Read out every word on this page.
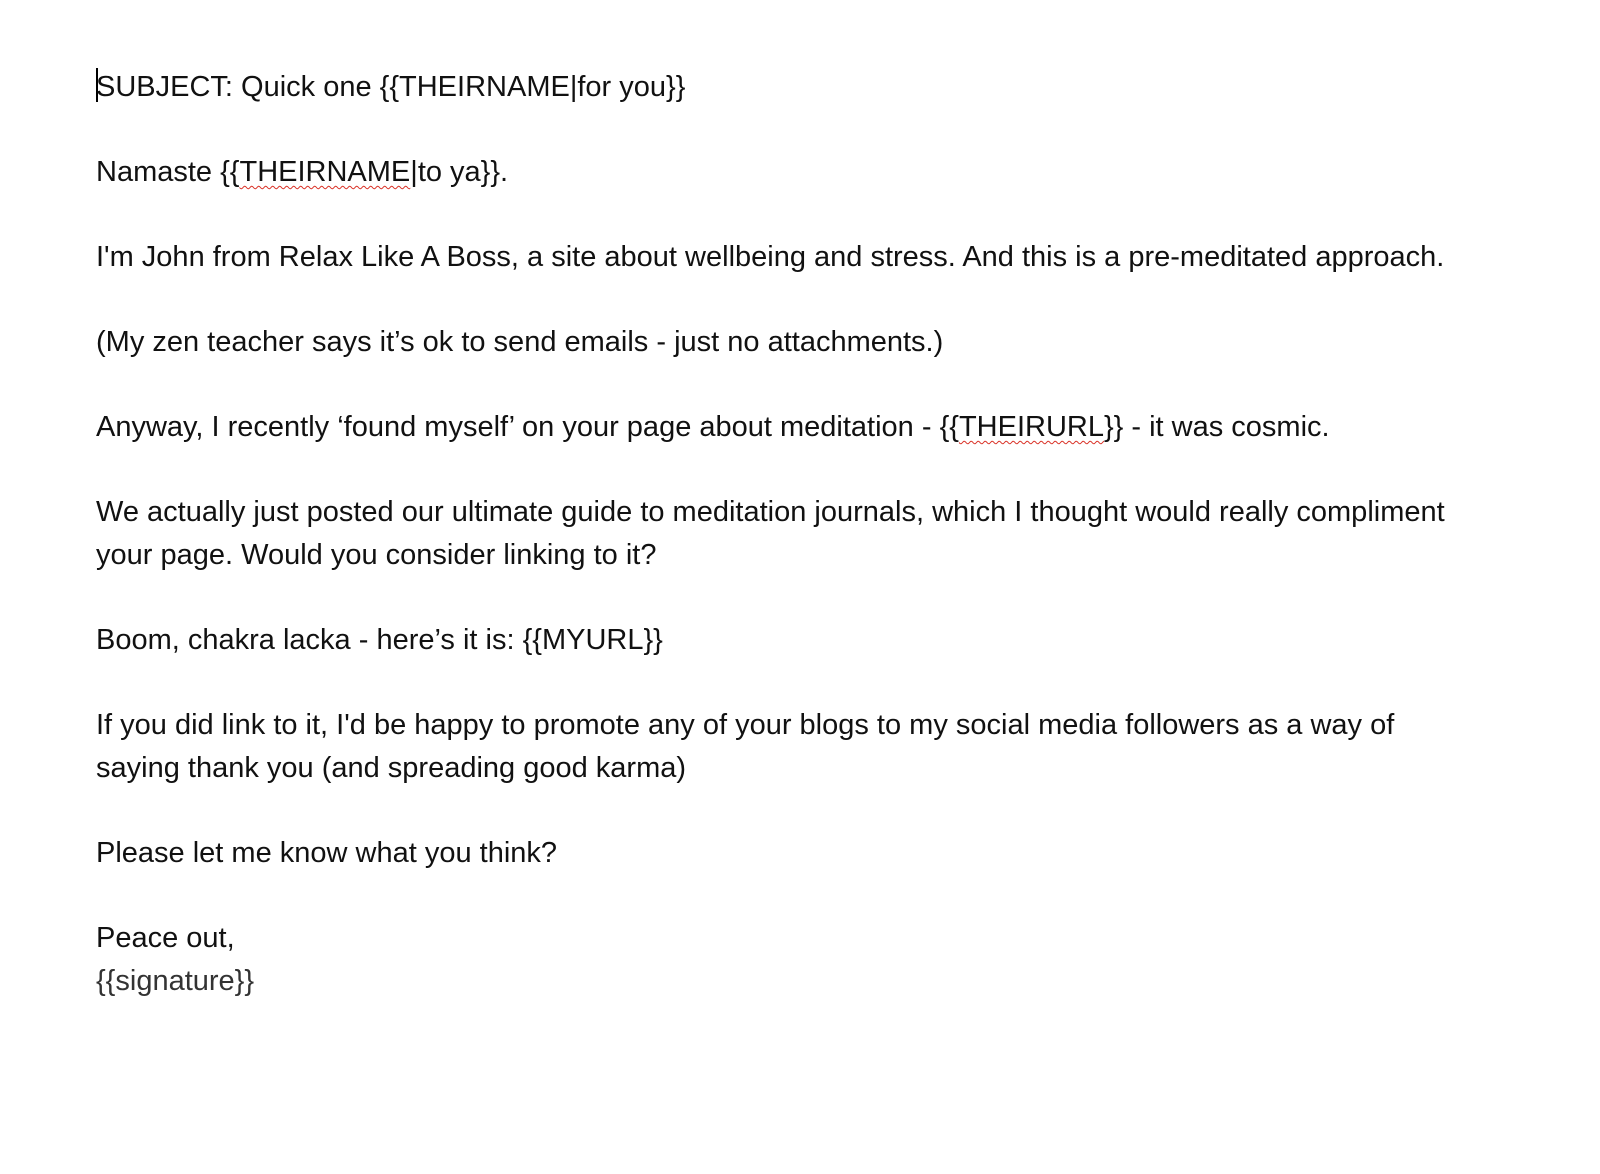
SUBJECT: Quick one {{THEIRNAME|for you}}

Namaste {{THEIRNAME|to ya}}.

I'm John from Relax Like A Boss, a site about wellbeing and stress. And this is a pre-meditated approach.

(My zen teacher says it’s ok to send emails - just no attachments.)

Anyway, I recently ‘found myself’ on your page about meditation - {{THEIRURL}} - it was cosmic.

We actually just posted our ultimate guide to meditation journals, which I thought would really compliment your page. Would you consider linking to it?

Boom, chakra lacka - here’s it is: {{MYURL}}

If you did link to it, I'd be happy to promote any of your blogs to my social media followers as a way of saying thank you (and spreading good karma)

Please let me know what you think?

Peace out,

{{signature}}
